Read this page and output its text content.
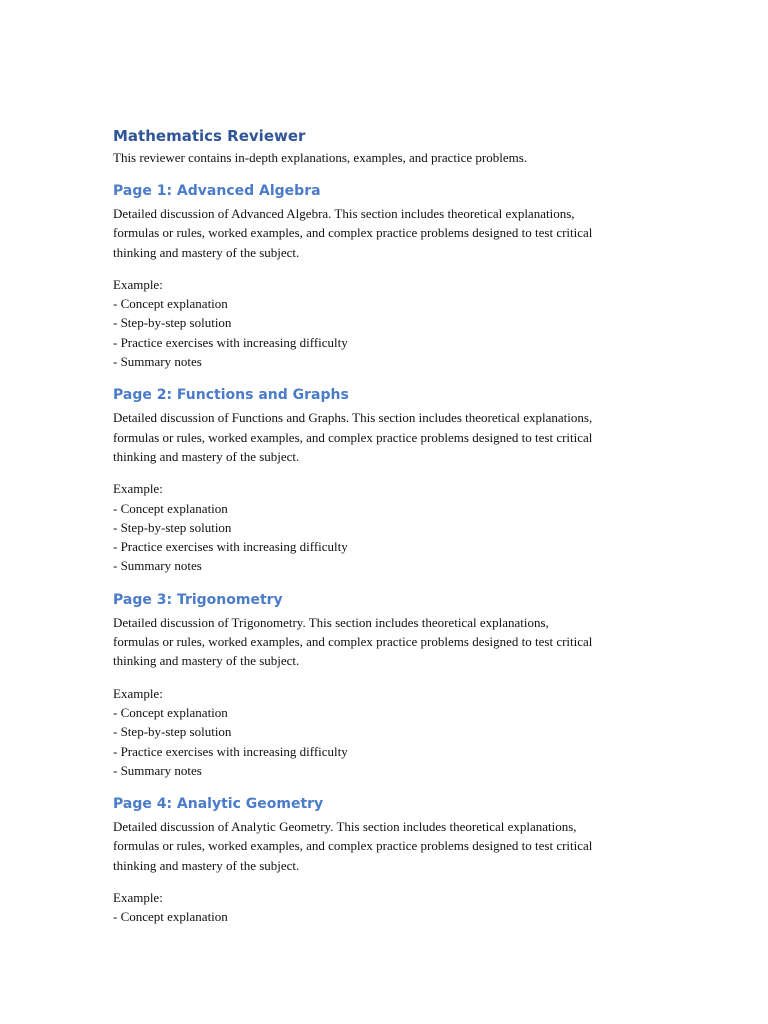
Mathematics Reviewer

This reviewer contains in-depth explanations, examples, and practice problems.

Page 1: Advanced Algebra

Detailed discussion of Advanced Algebra. This section includes theoretical explanations,
formulas or rules, worked examples, and complex practice problems designed to test critical
thinking and mastery of the subject.

Example:
- Concept explanation
- Step-by-step solution
- Practice exercises with increasing difficulty
- Summary notes
Page 2: Functions and Graphs

Detailed discussion of Functions and Graphs. This section includes theoretical explanations,
formulas or rules, worked examples, and complex practice problems designed to test critical
thinking and mastery of the subject.

Example:
- Concept explanation
- Step-by-step solution
- Practice exercises with increasing difficulty
- Summary notes
Page 3: Trigonometry

Detailed discussion of Trigonometry. This section includes theoretical explanations,
formulas or rules, worked examples, and complex practice problems designed to test critical
thinking and mastery of the subject.

Example:
- Concept explanation
- Step-by-step solution
- Practice exercises with increasing difficulty
- Summary notes
Page 4: Analytic Geometry

Detailed discussion of Analytic Geometry. This section includes theoretical explanations,
formulas or rules, worked examples, and complex practice problems designed to test critical
thinking and mastery of the subject.

Example:
- Concept explanation
